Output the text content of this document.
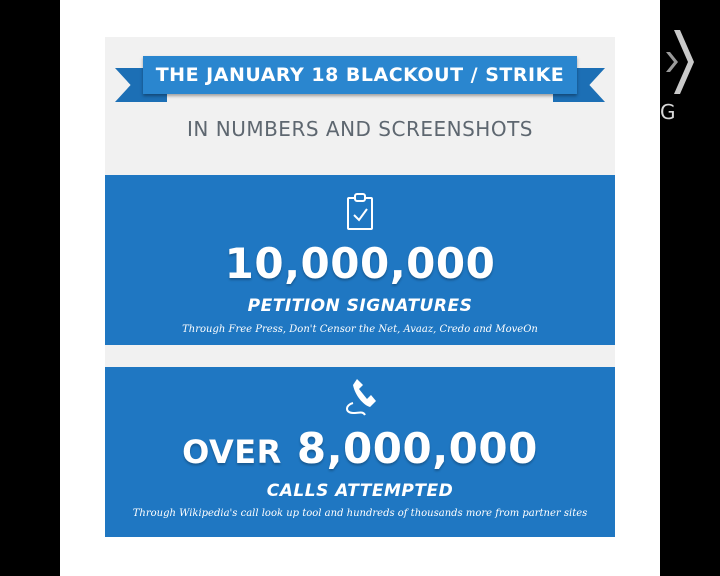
THE JANUARY 18 BLACKOUT / STRIKE
IN NUMBERS AND SCREENSHOTS
10,000,000
PETITION SIGNATURES
Through Free Press, Don't Censor the Net, Avaaz, Credo and MoveOn
OVER 8,000,000
CALLS ATTEMPTED
Through Wikipedia's call look up tool and hundreds of thousands more from partner sites
G
